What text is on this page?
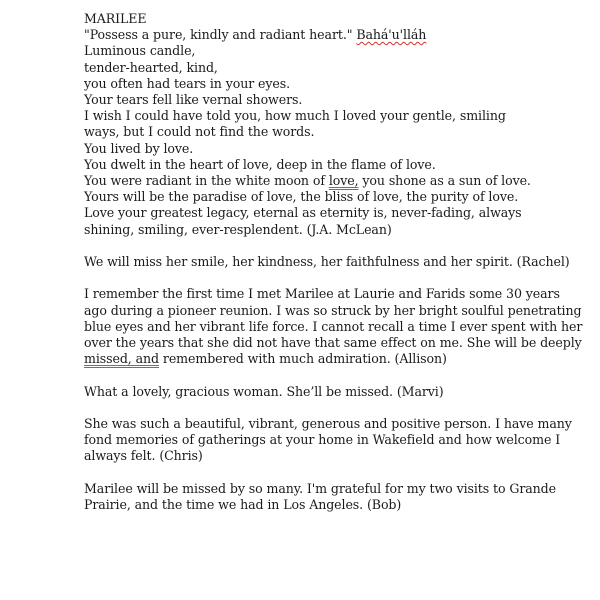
MARILEE
"Possess a pure, kindly and radiant heart." Bahá'u'lláh
Luminous candle,
tender-hearted, kind,
you often had tears in your eyes.
Your tears fell like vernal showers.
I wish I could have told you, how much I loved your gentle, smiling
ways, but I could not find the words.
You lived by love.
You dwelt in the heart of love, deep in the flame of love.
You were radiant in the white moon of love, you shone as a sun of love.
Yours will be the paradise of love, the bliss of love, the purity of love.
Love your greatest legacy, eternal as eternity is, never-fading, always
shining, smiling, ever-resplendent. (J.A. McLean)
We will miss her smile, her kindness, her faithfulness and her spirit. (Rachel)
I remember the first time I met Marilee at Laurie and Farids some 30 years ago during a pioneer reunion. I was so struck by her bright soulful penetrating blue eyes and her vibrant life force. I cannot recall a time I ever spent with her over the years that she did not have that same effect on me. She will be deeply missed, and remembered with much admiration. (Allison)
What a lovely, gracious woman. She’ll be missed. (Marvi)
She was such a beautiful, vibrant, generous and positive person. I have many fond memories of gatherings at your home in Wakefield and how welcome I always felt. (Chris)
Marilee will be missed by so many. I'm grateful for my two visits to Grande Prairie, and the time we had in Los Angeles. (Bob)
